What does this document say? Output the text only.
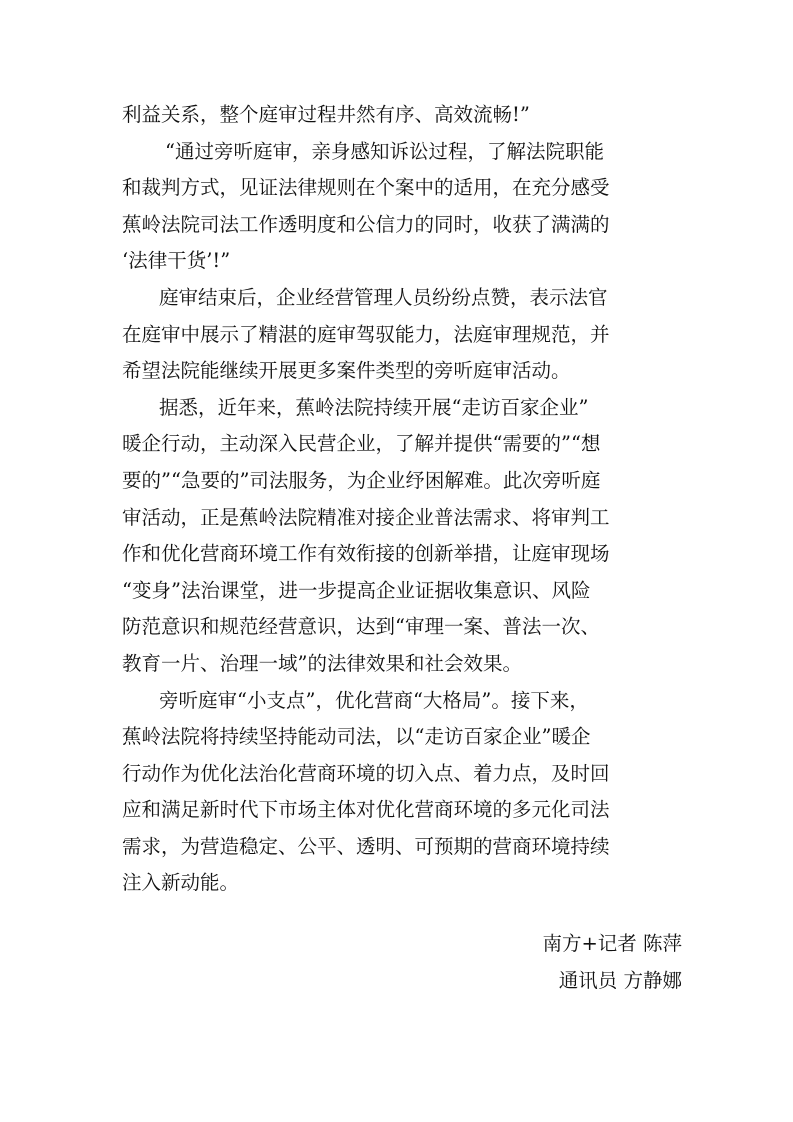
利益关系，整个庭审过程井然有序、高效流畅!”
“通过旁听庭审，亲身感知诉讼过程，了解法院职能
和裁判方式，见证法律规则在个案中的适用，在充分感受
蕉岭法院司法工作透明度和公信力的同时，收获了满满的
‘法律干货’!”
庭审结束后，企业经营管理人员纷纷点赞，表示法官
在庭审中展示了精湛的庭审驾驭能力，法庭审理规范，并
希望法院能继续开展更多案件类型的旁听庭审活动。
据悉，近年来，蕉岭法院持续开展“走访百家企业”
暖企行动，主动深入民营企业，了解并提供“需要的”“想
要的”“急要的”司法服务，为企业纾困解难。此次旁听庭
审活动，正是蕉岭法院精准对接企业普法需求、将审判工
作和优化营商环境工作有效衔接的创新举措，让庭审现场
“变身”法治课堂，进一步提高企业证据收集意识、风险
防范意识和规范经营意识，达到“审理一案、普法一次、
教育一片、治理一域”的法律效果和社会效果。
旁听庭审“小支点”，优化营商“大格局”。接下来，
蕉岭法院将持续坚持能动司法，以“走访百家企业”暖企
行动作为优化法治化营商环境的切入点、着力点，及时回
应和满足新时代下市场主体对优化营商环境的多元化司法
需求，为营造稳定、公平、透明、可预期的营商环境持续
注入新动能。
南方+记者 陈萍
通讯员 方静娜
